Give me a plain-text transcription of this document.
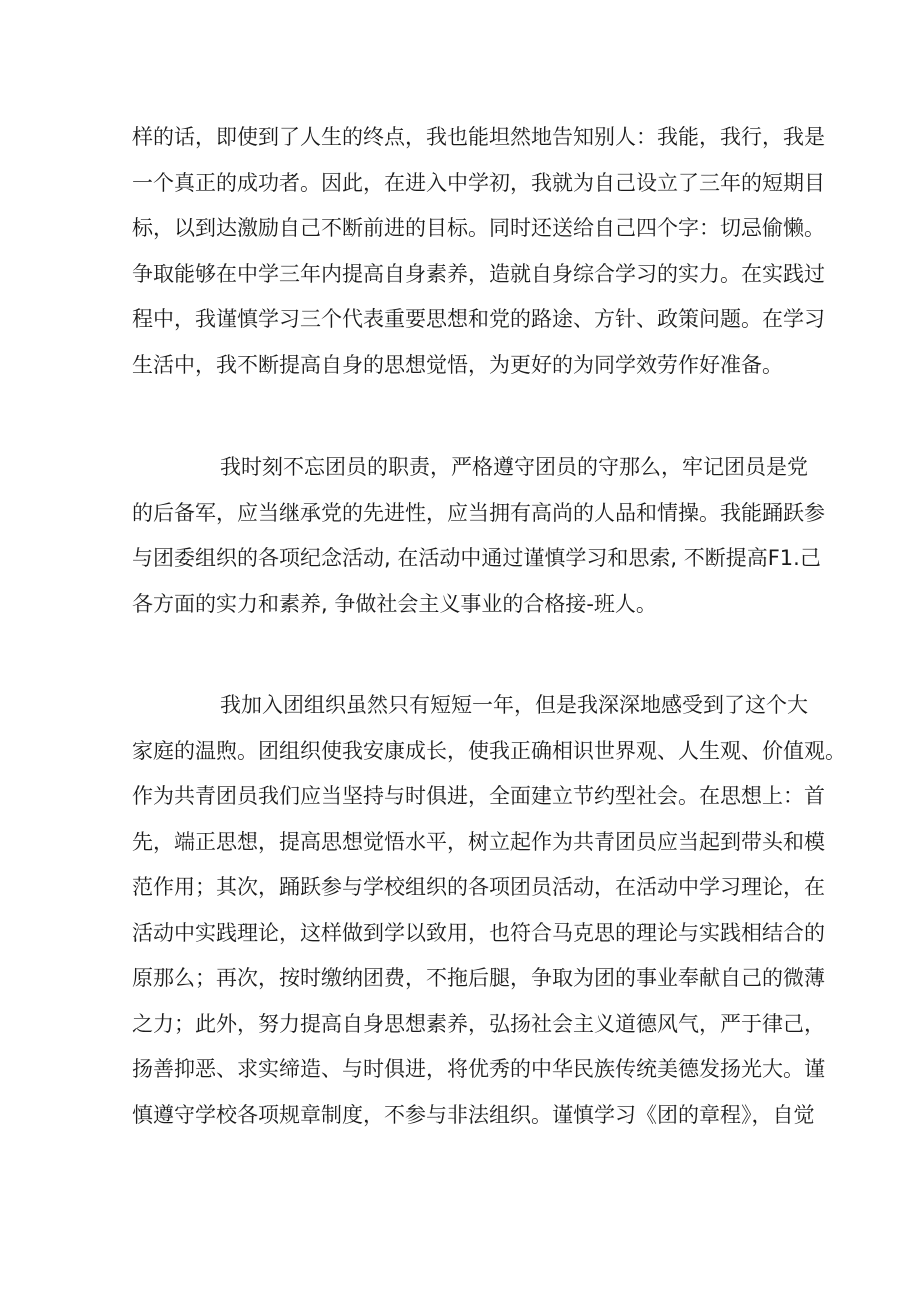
样的话，即使到了人生的终点，我也能坦然地告知别人：我能，我行，我是
一个真正的成功者。因此，在进入中学初，我就为自己设立了三年的短期目
标，以到达激励自己不断前进的目标。同时还送给自己四个字：切忌偷懒。
争取能够在中学三年内提高自身素养，造就自身综合学习的实力。在实践过
程中，我谨慎学习三个代表重要思想和党的路途、方针、政策问题。在学习
生活中，我不断提高自身的思想觉悟，为更好的为同学效劳作好准备。
我时刻不忘团员的职责，严格遵守团员的守那么，牢记团员是党
的后备军，应当继承党的先进性，应当拥有高尚的人品和情操。我能踊跃参
与团委组织的各项纪念活动, 在活动中通过谨慎学习和思索, 不断提高F1.己
各方面的实力和素养, 争做社会主义事业的合格接-班人。
我加入团组织虽然只有短短一年，但是我深深地感受到了这个大
家庭的温煦。团组织使我安康成长，使我正确相识世界观、人生观、价值观。
作为共青团员我们应当坚持与时俱进，全面建立节约型社会。在思想上：首
先，端正思想，提高思想觉悟水平，树立起作为共青团员应当起到带头和模
范作用；其次，踊跃参与学校组织的各项团员活动，在活动中学习理论，在
活动中实践理论，这样做到学以致用，也符合马克思的理论与实践相结合的
原那么；再次，按时缴纳团费，不拖后腿，争取为团的事业奉献自己的微薄
之力；此外，努力提高自身思想素养，弘扬社会主义道德风气，严于律己，
扬善抑恶、求实缔造、与时俱进，将优秀的中华民族传统美德发扬光大。谨
慎遵守学校各项规章制度，不参与非法组织。谨慎学习《团的章程》，自觉
